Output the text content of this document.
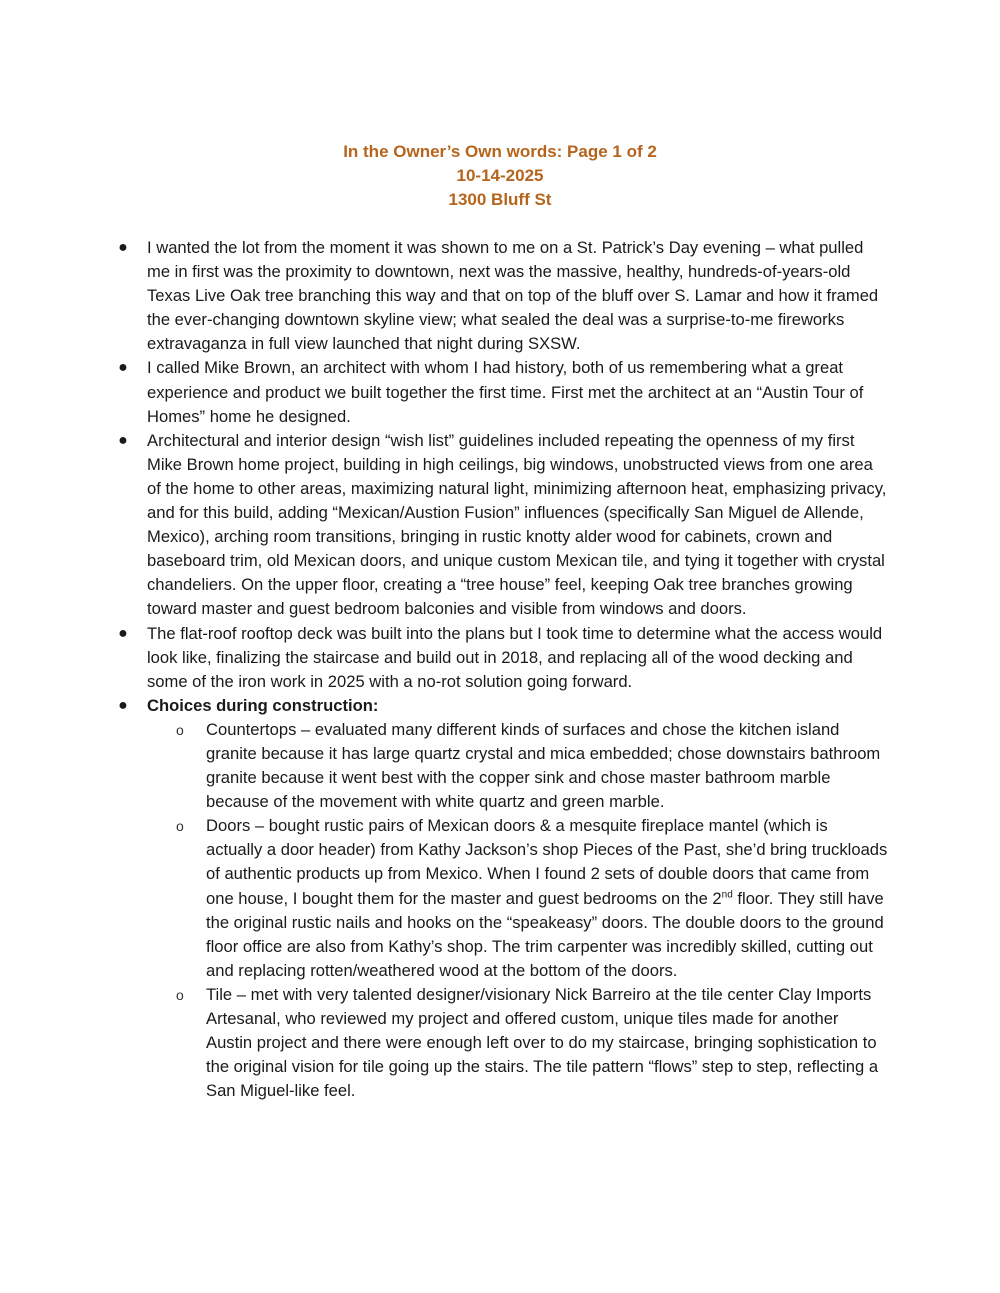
In the Owner’s Own words: Page 1 of 2
10-14-2025
1300 Bluff St
● I wanted the lot from the moment it was shown to me on a St. Patrick’s Day evening – what pulled me in first was the proximity to downtown, next was the massive, healthy, hundreds-of-years-old Texas Live Oak tree branching this way and that on top of the bluff over S. Lamar and how it framed the ever-changing downtown skyline view; what sealed the deal was a surprise-to-me fireworks extravaganza in full view launched that night during SXSW.
● I called Mike Brown, an architect with whom I had history, both of us remembering what a great experience and product we built together the first time. First met the architect at an “Austin Tour of Homes” home he designed.
● Architectural and interior design “wish list” guidelines included repeating the openness of my first Mike Brown home project, building in high ceilings, big windows, unobstructed views from one area of the home to other areas, maximizing natural light, minimizing afternoon heat, emphasizing privacy, and for this build, adding “Mexican/Austion Fusion” influences (specifically San Miguel de Allende, Mexico), arching room transitions, bringing in rustic knotty alder wood for cabinets, crown and baseboard trim, old Mexican doors, and unique custom Mexican tile, and tying it together with crystal chandeliers. On the upper floor, creating a “tree house” feel, keeping Oak tree branches growing toward master and guest bedroom balconies and visible from windows and doors.
● The flat-roof rooftop deck was built into the plans but I took time to determine what the access would look like, finalizing the staircase and build out in 2018, and replacing all of the wood decking and some of the iron work in 2025 with a no-rot solution going forward.
● Choices during construction:
o Countertops – evaluated many different kinds of surfaces and chose the kitchen island granite because it has large quartz crystal and mica embedded; chose downstairs bathroom granite because it went best with the copper sink and chose master bathroom marble because of the movement with white quartz and green marble.
o Doors – bought rustic pairs of Mexican doors & a mesquite fireplace mantel (which is actually a door header) from Kathy Jackson’s shop Pieces of the Past, she’d bring truckloads of authentic products up from Mexico. When I found 2 sets of double doors that came from one house, I bought them for the master and guest bedrooms on the 2nd floor. They still have the original rustic nails and hooks on the “speakeasy” doors. The double doors to the ground floor office are also from Kathy’s shop. The trim carpenter was incredibly skilled, cutting out and replacing rotten/weathered wood at the bottom of the doors.
o Tile – met with very talented designer/visionary Nick Barreiro at the tile center Clay Imports Artesanal, who reviewed my project and offered custom, unique tiles made for another Austin project and there were enough left over to do my staircase, bringing sophistication to the original vision for tile going up the stairs. The tile pattern “flows” step to step, reflecting a San Miguel-like feel.
